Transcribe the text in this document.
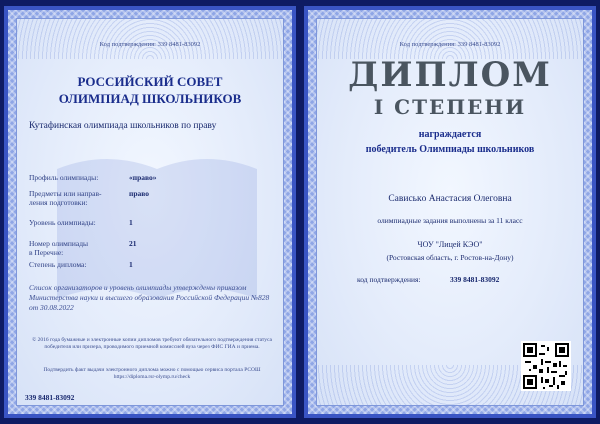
Код подтверждения: 339 8481-83092
РОССИЙСКИЙ СОВЕТ
ОЛИМПИАД ШКОЛЬНИКОВ
Кутафинская олимпиада школьников по праву
Профиль олимпиады:	«право»
Предметы или направ-
ления подготовки:
право
Уровень олимпиады:	1
Номер олимпиады
в Перечне:
21
Степень диплома:	1
Список организаторов и уровень олимпиады утверждены приказом Министерства науки и высшего образования Российской Федерации №828 от 30.08.2022
© 2016 года бумажные и электронные копии дипломов требуют обязательного подтверждения статуса победителя или призера, проводимого приемной комиссией вуза через ФИС ГИА и приема.
Подтвердить факт выдачи электронного диплома можно с помощью сервиса портала РСОШ https://diploma.rsr-olymp.ru/check
339 8481-83092
Код подтверждения: 339 8481-83092
ДИПЛОМ
I СТЕПЕНИ
награждается
победитель Олимпиады школьников
Сависькo Анастасия Олеговна
олимпиадные задания выполнены за 11 класс
ЧОУ "Лицей КЭО"
(Ростовская область, г. Ростов-на-Дону)
код подтверждения:	339 8481-83092
